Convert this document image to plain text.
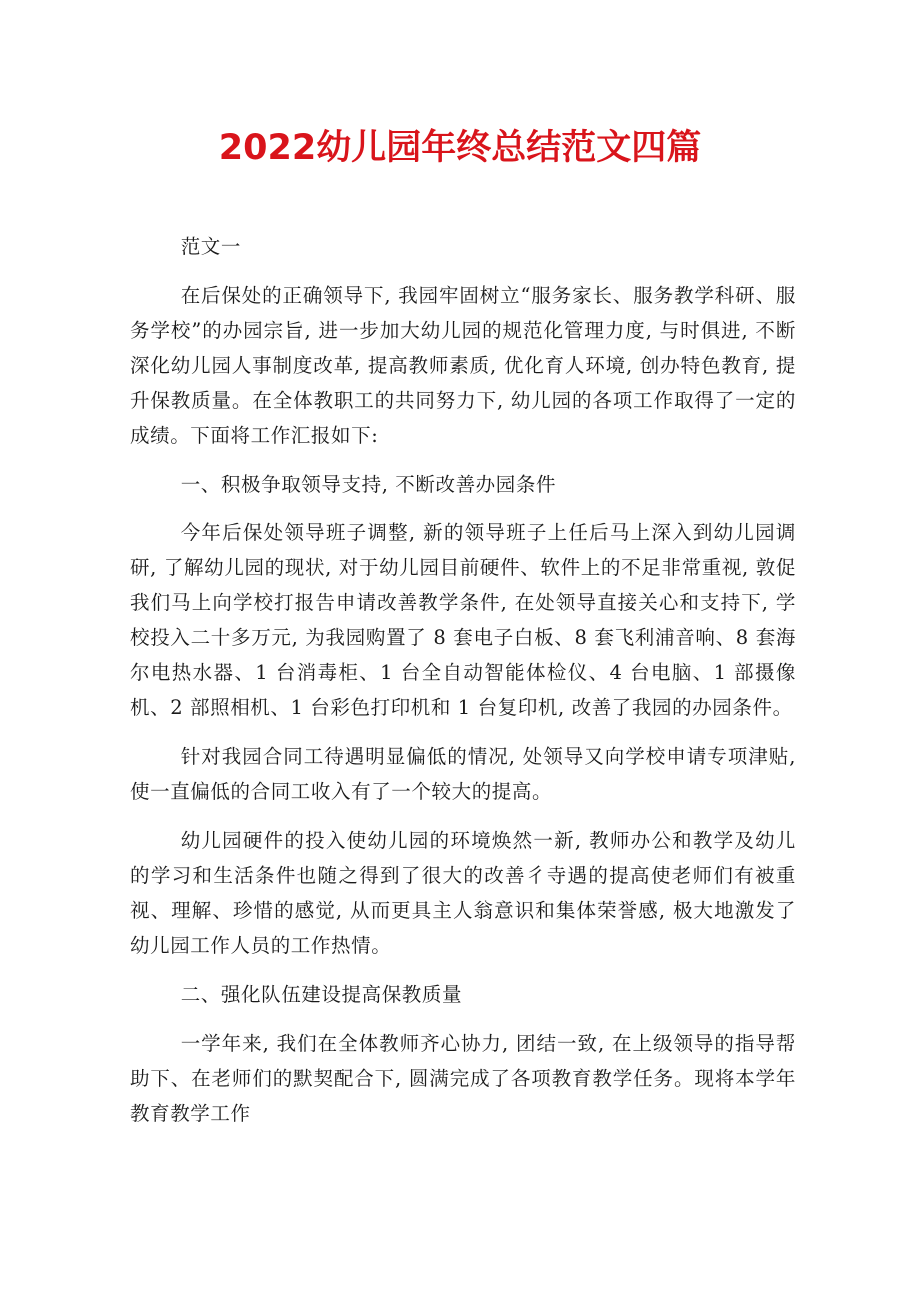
2022幼儿园年终总结范文四篇

范文一

在后保处的正确领导下, 我园牢固树立“服务家长、服务教学科研、服务学校”的办园宗旨, 进一步加大幼儿园的规范化管理力度, 与时俱进, 不断深化幼儿园人事制度改革, 提高教师素质, 优化育人环境, 创办特色教育, 提升保教质量。在全体教职工的共同努力下, 幼儿园的各项工作取得了一定的成绩。下面将工作汇报如下:

一、积极争取领导支持, 不断改善办园条件

今年后保处领导班子调整, 新的领导班子上任后马上深入到幼儿园调研, 了解幼儿园的现状, 对于幼儿园目前硬件、软件上的不足非常重视, 敦促我们马上向学校打报告申请改善教学条件, 在处领导直接关心和支持下, 学校投入二十多万元, 为我园购置了 8 套电子白板、8 套飞利浦音响、8 套海尔电热水器、1 台消毒柜、1 台全自动智能体检仪、4 台电脑、1 部摄像机、2 部照相机、1 台彩色打印机和 1 台复印机, 改善了我园的办园条件。

针对我园合同工待遇明显偏低的情况, 处领导又向学校申请专项津贴, 使一直偏低的合同工收入有了一个较大的提高。

幼儿园硬件的投入使幼儿园的环境焕然一新, 教师办公和教学及幼儿的学习和生活条件也随之得到了很大的改善彳寺遇的提高使老师们有被重视、理解、珍惜的感觉, 从而更具主人翁意识和集体荣誉感, 极大地激发了幼儿园工作人员的工作热情。

二、强化队伍建设提高保教质量

一学年来, 我们在全体教师齐心协力, 团结一致, 在上级领导的指导帮助下、在老师们的默契配合下, 圆满完成了各项教育教学任务。现将本学年教育教学工作
